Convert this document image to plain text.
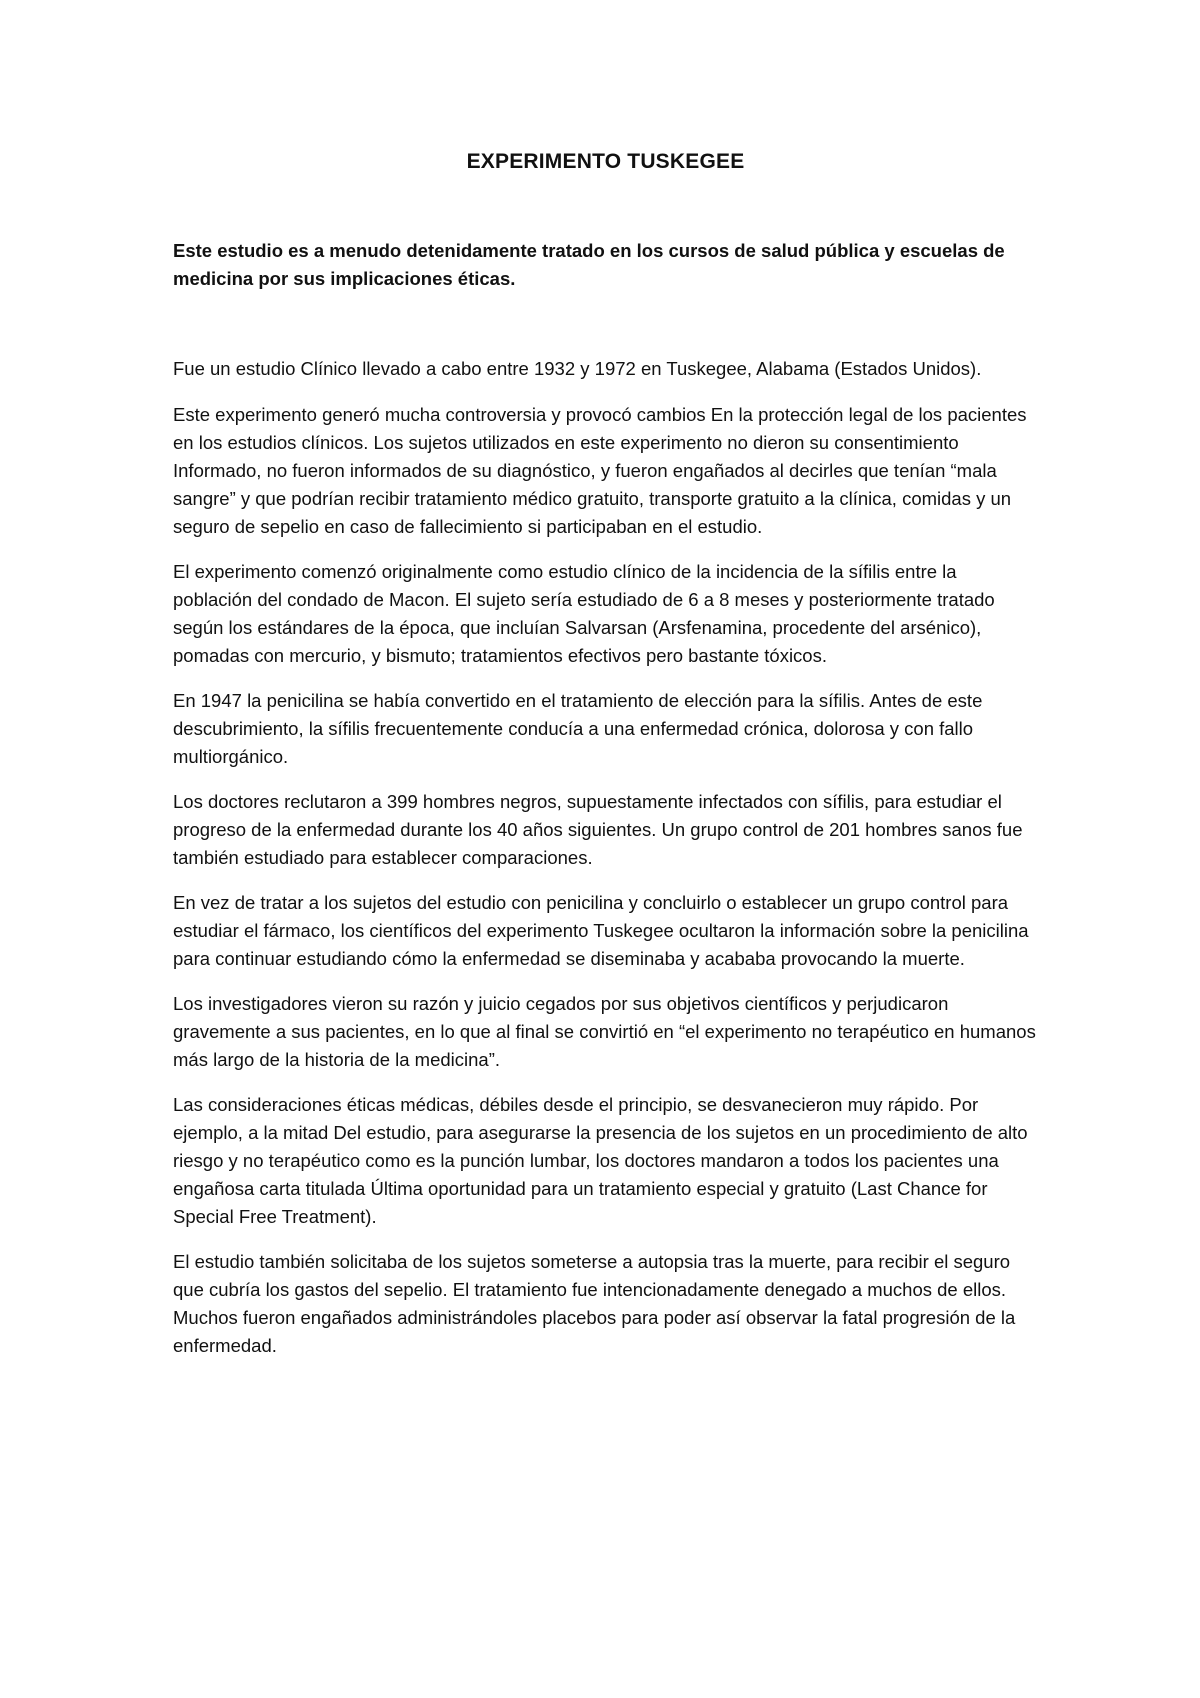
EXPERIMENTO TUSKEGEE

Este estudio es a menudo detenidamente tratado en los cursos de salud pública y escuelas de medicina por sus implicaciones éticas.

Fue un estudio Clínico llevado a cabo entre 1932 y 1972 en Tuskegee, Alabama (Estados Unidos).

Este experimento generó mucha controversia y provocó cambios En la protección legal de los pacientes en los estudios clínicos. Los sujetos utilizados en este experimento no dieron su consentimiento Informado, no fueron informados de su diagnóstico, y fueron engañados al decirles que tenían “mala sangre” y que podrían recibir tratamiento médico gratuito, transporte gratuito a la clínica, comidas y un seguro de sepelio en caso de fallecimiento si participaban en el estudio.

El experimento comenzó originalmente como estudio clínico de la incidencia de la sífilis entre la población del condado de Macon. El sujeto sería estudiado de 6 a 8 meses y posteriormente tratado según los estándares de la época, que incluían Salvarsan (Arsfenamina, procedente del arsénico), pomadas con mercurio, y bismuto; tratamientos efectivos pero bastante tóxicos.

En 1947 la penicilina se había convertido en el tratamiento de elección para la sífilis. Antes de este descubrimiento, la sífilis frecuentemente conducía a una enfermedad crónica, dolorosa y con fallo multiorgánico.

Los doctores reclutaron a 399 hombres negros, supuestamente infectados con sífilis, para estudiar el progreso de la enfermedad durante los 40 años siguientes. Un grupo control de 201 hombres sanos fue también estudiado para establecer comparaciones.

En vez de tratar a los sujetos del estudio con penicilina y concluirlo o establecer un grupo control para estudiar el fármaco, los científicos del experimento Tuskegee ocultaron la información sobre la penicilina para continuar estudiando cómo la enfermedad se diseminaba y acababa provocando la muerte.

Los investigadores vieron su razón y juicio cegados por sus objetivos científicos y perjudicaron gravemente a sus pacientes, en lo que al final se convirtió en “el experimento no terapéutico en humanos más largo de la historia de la medicina”.

Las consideraciones éticas médicas, débiles desde el principio, se desvanecieron muy rápido. Por ejemplo, a la mitad Del estudio, para asegurarse la presencia de los sujetos en un procedimiento de alto riesgo y no terapéutico como es la punción lumbar, los doctores mandaron a todos los pacientes una engañosa carta titulada Última oportunidad para un tratamiento especial y gratuito (Last Chance for Special Free Treatment).

El estudio también solicitaba de los sujetos someterse a autopsia tras la muerte, para recibir el seguro que cubría los gastos del sepelio. El tratamiento fue intencionadamente denegado a muchos de ellos. Muchos fueron engañados administrándoles placebos para poder así observar la fatal progresión de la enfermedad.
